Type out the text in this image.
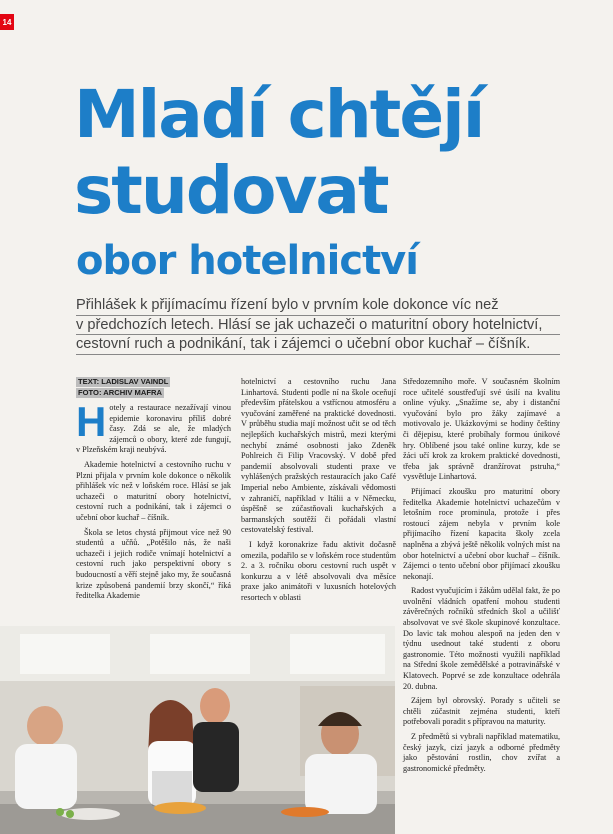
14
Mladí chtějí
studovat
obor hotelnictví
Přihlášek k přijímacímu řízení bylo v prvním kole dokonce víc než
v předchozích letech. Hlásí se jak uchazeči o maturitní obory hotelnictví,
cestovní ruch a podnikání, tak i zájemci o učební obor kuchař – číšník.
TEXT: LADISLAV VAINDL
FOTO: ARCHIV MAFRA

Hotely a restaurace nezažívají vinou epidemie koronaviru příliš dobré časy. Zdá se ale, že mladých zájemců o obory, které zde fungují, v Plzeňském kraji neubývá.

Akademie hotelnictví a cestovního ruchu v Plzni přijala v prvním kole dokonce o několik přihlášek víc než v loňském roce. Hlásí se jak uchazeči o maturitní obory hotelnictví, cestovní ruch a podnikání, tak i zájemci o učební obor kuchař – číšník.

Škola se letos chystá přijmout více než 90 studentů a učňů. „Potěšilo nás, že naši uchazeči i jejich rodiče vnímají hotelnictví a cestovní ruch jako perspektivní obory s budoucností a věří stejně jako my, že současná krize způsobená pandemií brzy skončí,“ říká ředitelka Akademie

hotelnictví a cestovního ruchu Jana Linhartová. Studenti podle ní na škole oceňují především přátelskou a vstřícnou atmosféru a vyučování zaměřené na praktické dovednosti. V průběhu studia mají možnost učit se od těch nejlepších kuchařských mistrů, mezi kterými nechybí známé osobnosti jako Zdeněk Pohlreich či Filip Vracovský. V době před pandemií absolvovali studenti praxe ve vyhlášených pražských restauracích jako Café Imperial nebo Ambiente, získávali vědomosti v zahraničí, například v Itálii a v Německu, úspěšně se zúčastňovali kuchařských a barmanských soutěží či pořádali vlastní cestovatelský festival.

I když koronakrize řadu aktivit dočasně omezila, podařilo se v loňském roce studentům 2. a 3. ročníku oboru cestovní ruch uspět v konkurzu a v létě absolvovali dva měsíce praxe jako animátoři v luxusních hotelových resortech v oblasti

Středozemního moře. V současném školním roce učitelé soustřeďují své úsilí na kvalitu online výuky. „Snažíme se, aby i distanční vyučování bylo pro žáky zajímavé a motivovalo je. Ukázkovými se hodiny češtiny či dějepisu, které probíhaly formou únikové hry. Oblíbené jsou také online kurzy, kde se žáci učí krok za krokem praktické dovednosti, třeba jak správně dranžírovat pstruha,“ vysvětluje Linhartová.

Přijímací zkoušku pro maturitní obory ředitelka Akademie hotelnictví uchazečům v letošním roce prominula, protože i přes rostoucí zájem nebyla v prvním kole přijímacího řízení kapacita školy zcela naplněna a zbývá ještě několik volných míst na obor hotelnictví a učební obor kuchař – číšník. Zájemci o tento učební obor přijímací zkoušku nekonají.

Radost vyučujícím i žákům udělal fakt, že po uvolnění vládních opatření mohou studenti závěrečných ročníků středních škol a učilišť absolvovat ve své škole skupinové konzultace. Do lavic tak mohou alespoň na jeden den v týdnu usednout také studenti z oboru gastronomie. Této možnosti využili například na Střední škole zemědělské a potravinářské v Klatovech. Poprvé se zde konzultace odehrála 20. dubna.

Zájem byl obrovský. Porady s učiteli se chtěli zúčastnit zejména studenti, kteří potřebovali poradit s přípravou na maturity.

Z předmětů si vybrali například matematiku, český jazyk, cizí jazyk a odborné předměty jako pěstování rostlin, chov zvířat a gastronomické předměty.
